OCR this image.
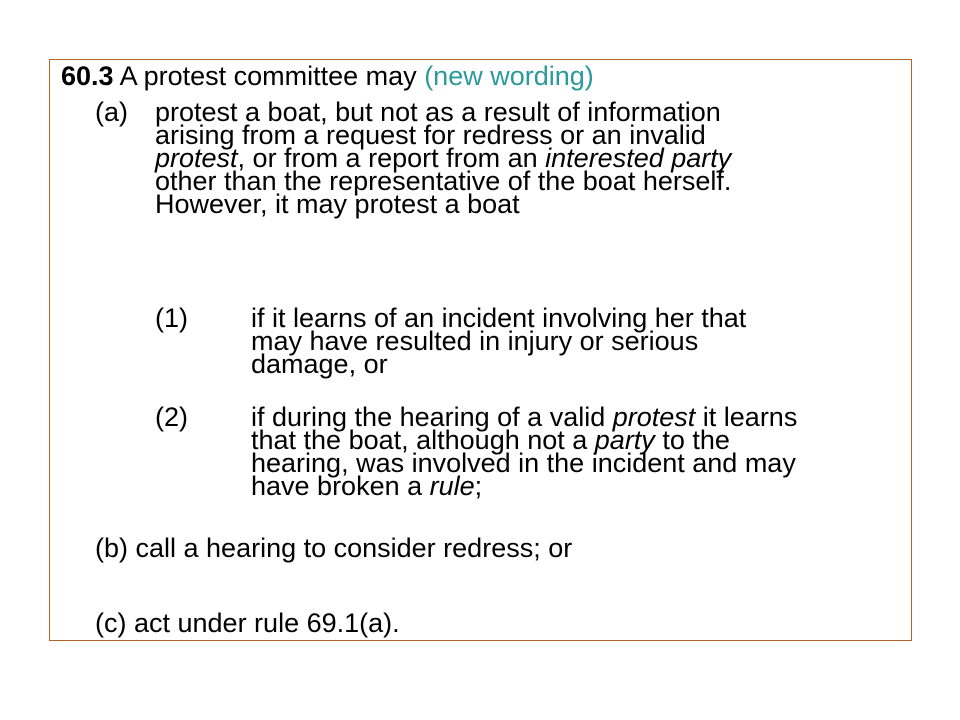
60.3 A protest committee may (new wording)
(a) protest a boat, but not as a result of information
arising from a request for redress or an invalid
protest, or from a report from an interested party
other than the representative of the boat herself.
However, it may protest a boat
(1) if it learns of an incident involving her that
may have resulted in injury or serious
damage, or
(2) if during the hearing of a valid protest it learns
that the boat, although not a party to the
hearing, was involved in the incident and may
have broken a rule;
(b) call a hearing to consider redress; or
(c) act under rule 69.1(a).
